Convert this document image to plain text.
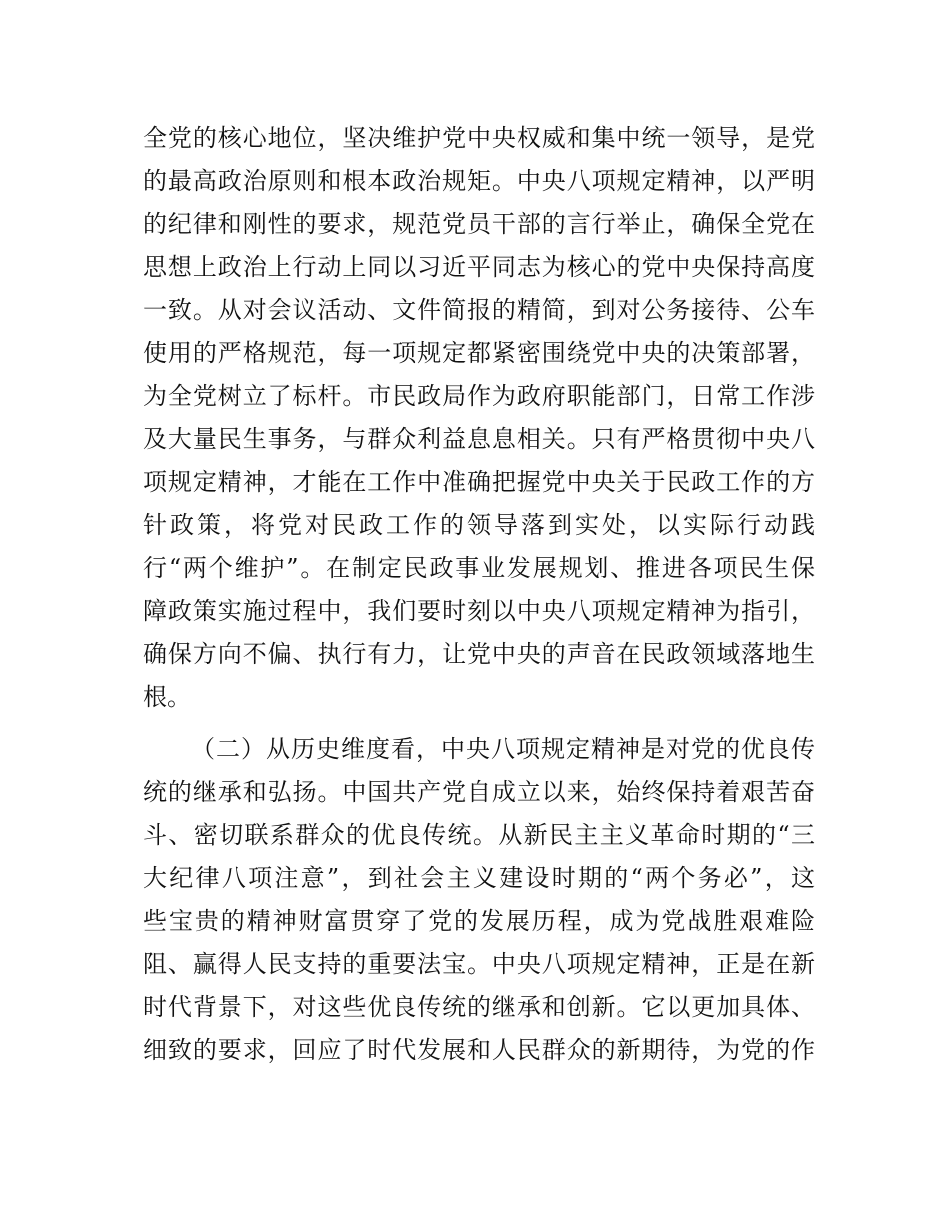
全党的核心地位，坚决维护党中央权威和集中统一领导，是党
的最高政治原则和根本政治规矩。中央八项规定精神，以严明
的纪律和刚性的要求，规范党员干部的言行举止，确保全党在
思想上政治上行动上同以习近平同志为核心的党中央保持高度
一致。从对会议活动、文件简报的精简，到对公务接待、公车
使用的严格规范，每一项规定都紧密围绕党中央的决策部署，
为全党树立了标杆。市民政局作为政府职能部门，日常工作涉
及大量民生事务，与群众利益息息相关。只有严格贯彻中央八
项规定精神，才能在工作中准确把握党中央关于民政工作的方
针政策，将党对民政工作的领导落到实处，以实际行动践
行“两个维护”。在制定民政事业发展规划、推进各项民生保
障政策实施过程中，我们要时刻以中央八项规定精神为指引，
确保方向不偏、执行有力，让党中央的声音在民政领域落地生
根。
（二）从历史维度看，中央八项规定精神是对党的优良传
统的继承和弘扬。中国共产党自成立以来，始终保持着艰苦奋
斗、密切联系群众的优良传统。从新民主主义革命时期的“三
大纪律八项注意”，到社会主义建设时期的“两个务必”，这
些宝贵的精神财富贯穿了党的发展历程，成为党战胜艰难险
阻、赢得人民支持的重要法宝。中央八项规定精神，正是在新
时代背景下，对这些优良传统的继承和创新。它以更加具体、
细致的要求，回应了时代发展和人民群众的新期待，为党的作
